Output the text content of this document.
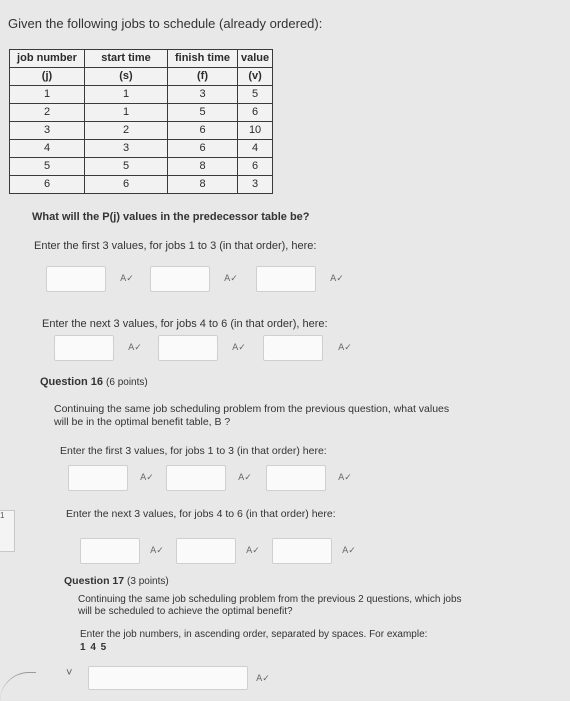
Given the following jobs to schedule (already ordered):
job number	start time	finish time	value
(j)	(s)	(f)	(v)
1	1	3	5
2	1	5	6
3	2	6	10
4	3	6	4
5	5	8	6
6	6	8	3
What will the P(j) values in the predecessor table be?
Enter the first 3 values, for jobs 1 to 3 (in that order), here:
A✓	A✓	A✓
Enter the next 3 values, for jobs 4 to 6 (in that order), here:
A✓	A✓	A✓
Question 16 (6 points)
Continuing the same job scheduling problem from the previous question, what values will be in the optimal benefit table, B ?
Enter the first 3 values, for jobs 1 to 3 (in that order) here:
A✓	A✓	A✓
Enter the next 3 values, for jobs 4 to 6 (in that order) here:
A✓	A✓	A✓
Question 17 (3 points)
Continuing the same job scheduling problem from the previous 2 questions, which jobs will be scheduled to achieve the optimal benefit?
Enter the job numbers, in ascending order, separated by spaces. For example:
1 4 5
A✓
1
˅
